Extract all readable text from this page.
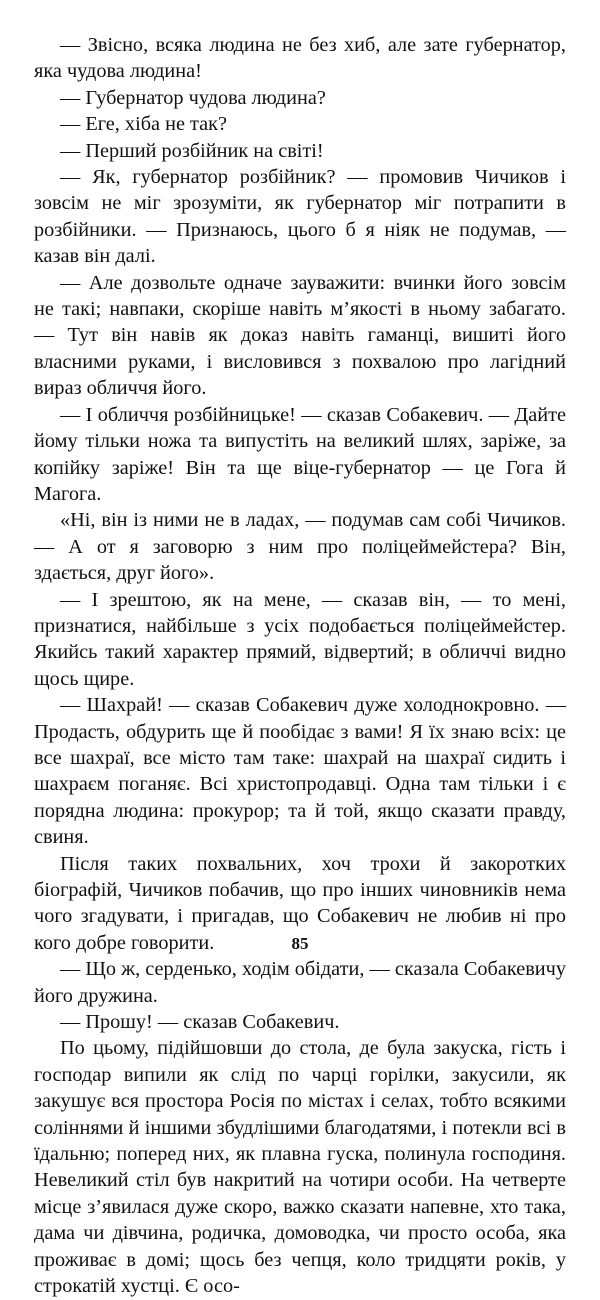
— Звісно, всяка людина не без хиб, але зате губернатор, яка чудова людина!

— Губернатор чудова людина?

— Еге, хіба не так?

— Перший розбійник на світі!

— Як, губернатор розбійник? — промовив Чичиков і зовсім не міг зрозуміти, як губернатор міг потрапити в розбійники. — Признаюсь, цього б я ніяк не подумав, — казав він далі.

— Але дозвольте одначе зауважити: вчинки його зовсім не такі; навпаки, скоріше навіть м’якості в ньому забагато. — Тут він навів як доказ навіть гаманці, вишиті його власними руками, і висловився з похвалою про лагідний вираз обличчя його.

— І обличчя розбійницьке! — сказав Собакевич. — Дайте йому тільки ножа та випустіть на великий шлях, заріже, за копійку заріже! Він та ще віце-губернатор — це Гога й Магога.

«Ні, він із ними не в ладах, — подумав сам собі Чичиков. — А от я заговорю з ним про поліцеймейстера? Він, здається, друг його».

— І зрештою, як на мене, — сказав він, — то мені, признатися, найбільше з усіх подобається поліцеймейстер. Якийсь такий характер прямий, відвертий; в обличчі видно щось щире.

— Шахрай! — сказав Собакевич дуже холоднокровно. — Продасть, обдурить ще й пообідає з вами! Я їх знаю всіх: це все шахраї, все місто там таке: шахрай на шахраї сидить і шахраєм поганяє. Всі христопродавці. Одна там тільки і є порядна людина: прокурор; та й той, якщо сказати правду, свиня.

Після таких похвальних, хоч трохи й закоротких біографій, Чичиков побачив, що про інших чиновників нема чого згадувати, і пригадав, що Собакевич не любив ні про кого добре говорити.

— Що ж, серденько, ходім обідати, — сказала Собакевичу його дружина.

— Прошу! — сказав Собакевич.

По цьому, підійшовши до стола, де була закуска, гість і господар випили як слід по чарці горілки, закусили, як закушує вся простора Росія по містах і селах, тобто всякими соліннями й іншими збудлішими благодатями, і потекли всі в їдальню; поперед них, як плавна гуска, полинула господиня. Невеликий стіл був накритий на чотири особи. На четверте місце з’явилася дуже скоро, важко сказати напевне, хто така, дама чи дівчина, родичка, домоводка, чи просто особа, яка проживає в домі; щось без чепця, коло тридцяти років, у строкатій хустці. Є осо-

85
